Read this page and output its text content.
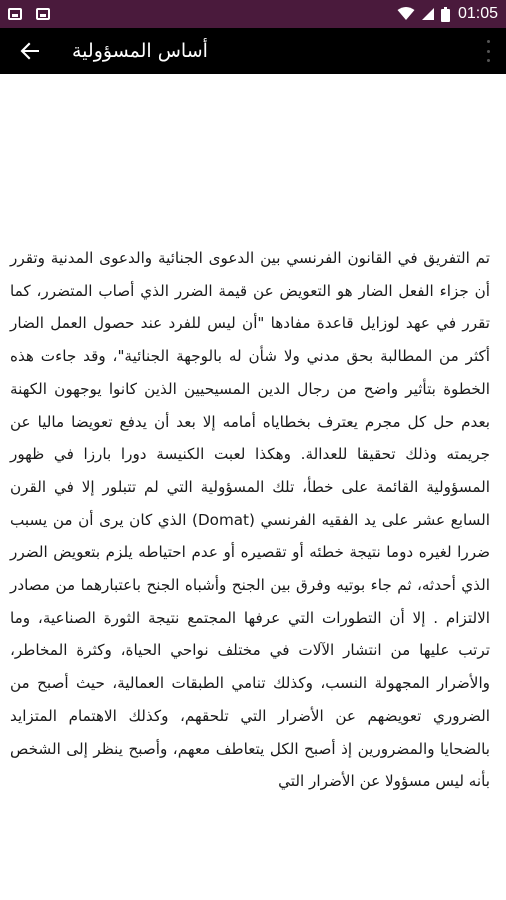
01:05
أساس المسؤولية
تم التفريق في القانون الفرنسي بين الدعوى الجنائية والدعوى المدنية وتقرر أن جزاء الفعل الضار هو التعويض عن قيمة الضرر الذي أصاب المتضرر، كما تقرر في عهد لوزايل قاعدة مفادها "أن ليس للفرد عند حصول العمل الضار أكثر من المطالبة بحق مدني ولا شأن له بالوجهة الجنائية"، وقد جاءت هذه الخطوة بتأثير واضح من رجال الدين المسيحيين الذين كانوا يوجهون الكهنة بعدم حل كل مجرم يعترف بخطاياه أمامه إلا بعد أن يدفع تعويضا ماليا عن جريمته وذلك تحقيقا للعدالة. وهكذا لعبت الكنيسة دورا بارزا في ظهور المسؤولية القائمة على خطأ، تلك المسؤولية التي لم تتبلور إلا في القرن السابع عشر على يد الفقيه الفرنسي (Domat) الذي كان يرى أن من يسبب ضررا لغيره دوما نتيجة خطئه أو تقصيره أو عدم احتياطه يلزم بتعويض الضرر الذي أحدثه، ثم جاء بوتيه وفرق بين الجنح وأشباه الجنح باعتبارهما من مصادر الالتزام . إلا أن التطورات التي عرفها المجتمع نتيجة الثورة الصناعية، وما ترتب عليها من انتشار الآلات في مختلف نواحي الحياة، وكثرة المخاطر، والأضرار المجهولة النسب، وكذلك تنامي الطبقات العمالية، حيث أصبح من الضروري تعويضهم عن الأضرار التي تلحقهم، وكذلك الاهتمام المتزايد بالضحايا والمضرورين إذ أصبح الكل يتعاطف معهم، وأصبح ينظر إلى الشخص بأنه ليس مسؤولا عن الأضرار التي
